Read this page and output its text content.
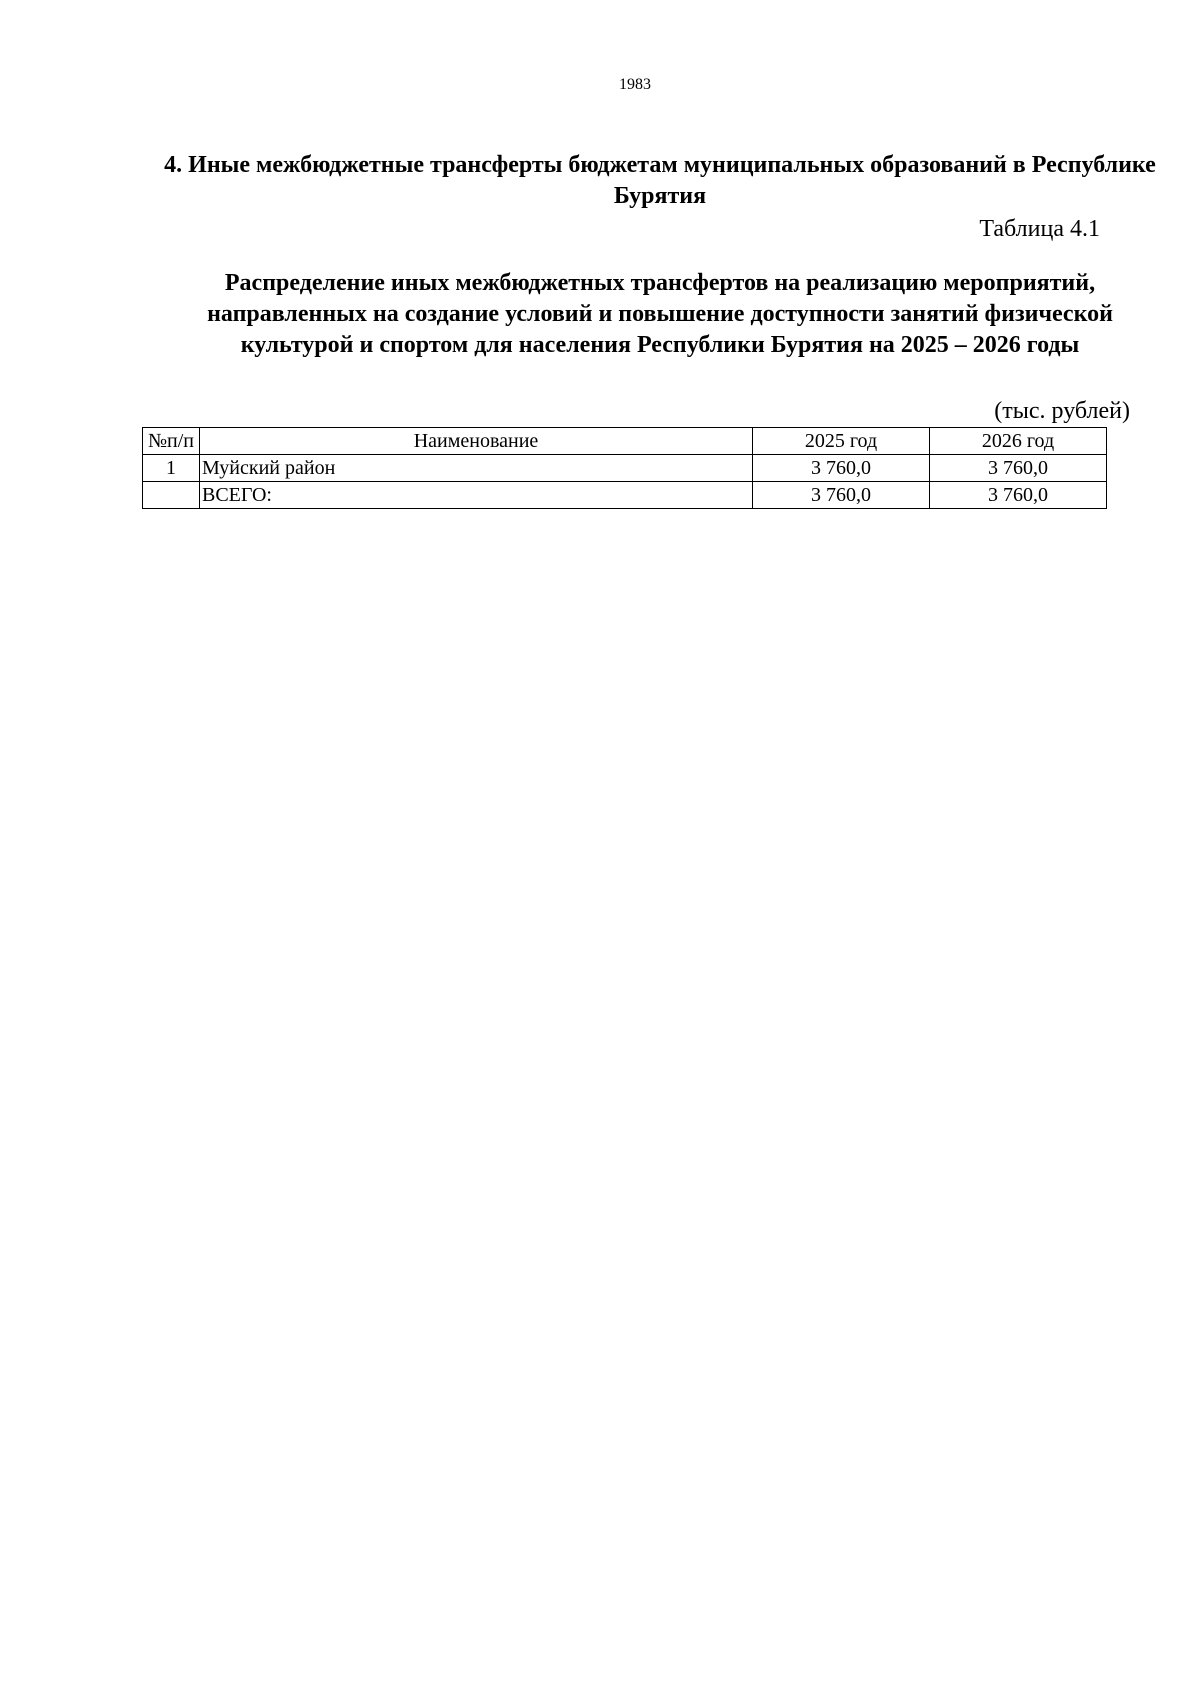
1983
4. Иные межбюджетные трансферты бюджетам муниципальных образований в Республике Бурятия
Таблица 4.1
Распределение иных межбюджетных трансфертов на реализацию мероприятий, направленных на создание условий и повышение доступности занятий физической культурой и спортом для населения Республики Бурятия на 2025 – 2026 годы
(тыс. рублей)
№п/п	Наименование	2025 год	2026 год
1	Муйский район	3 760,0	3 760,0
	ВСЕГО:	3 760,0	3 760,0
